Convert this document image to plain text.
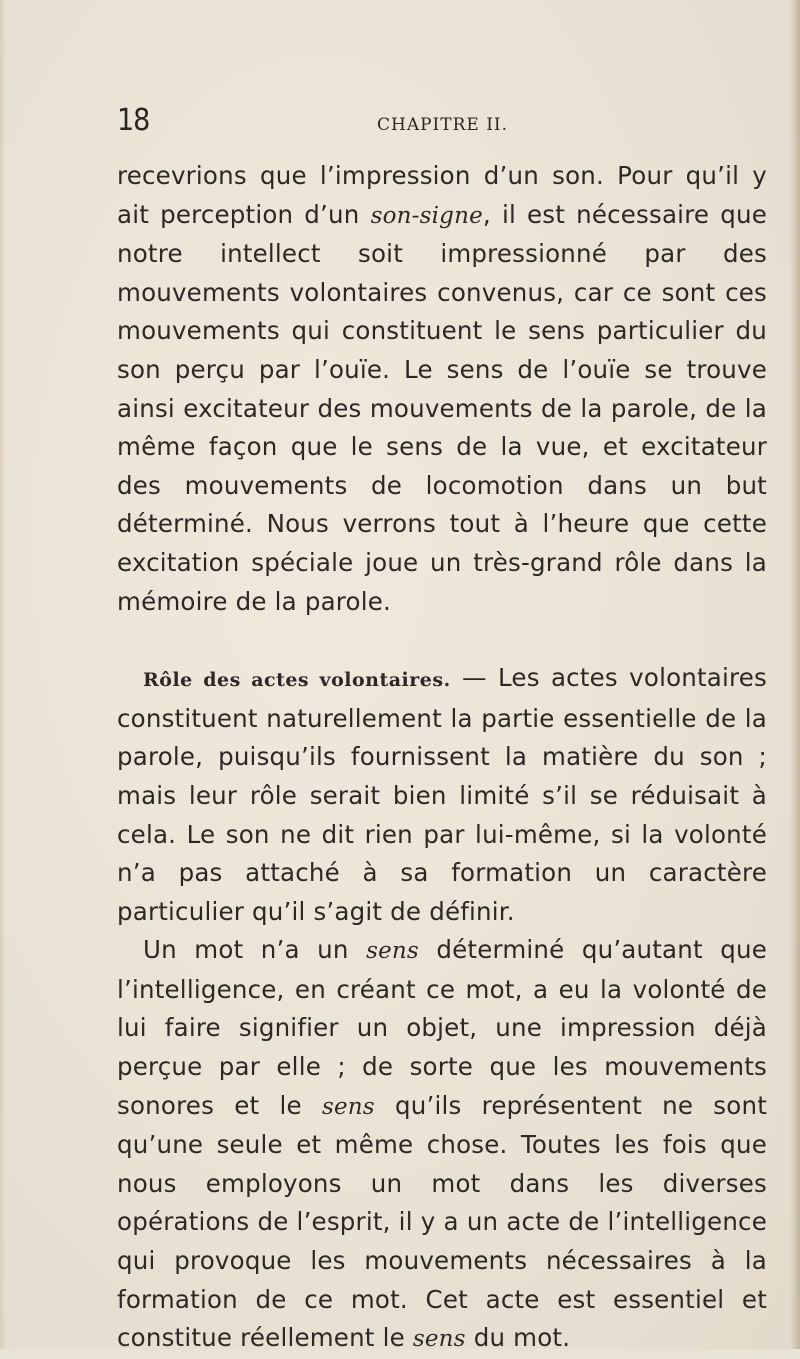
18	CHAPITRE II.

recevrions que l’impression d’un son. Pour qu’il y ait perception d’un son-signe, il est nécessaire que notre intellect soit impressionné par des mouvements volontaires convenus, car ce sont ces mouvements qui constituent le sens particulier du son perçu par l’ouïe. Le sens de l’ouïe se trouve ainsi excitateur des mouvements de la parole, de la même façon que le sens de la vue, et excitateur des mouvements de locomotion dans un but déterminé. Nous verrons tout à l’heure que cette excitation spéciale joue un très-grand rôle dans la mémoire de la parole.

Rôle des actes volontaires. — Les actes volontaires constituent naturellement la partie essentielle de la parole, puisqu’ils fournissent la matière du son ; mais leur rôle serait bien limité s’il se réduisait à cela. Le son ne dit rien par lui-même, si la volonté n’a pas attaché à sa formation un caractère particulier qu’il s’agit de définir.

Un mot n’a un sens déterminé qu’autant que l’intelligence, en créant ce mot, a eu la volonté de lui faire signifier un objet, une impression déjà perçue par elle ; de sorte que les mouvements sonores et le sens qu’ils représentent ne sont qu’une seule et même chose. Toutes les fois que nous employons un mot dans les diverses opérations de l’esprit, il y a un acte de l’intelligence qui provoque les mouvements nécessaires à la formation de ce mot. Cet acte est essentiel et constitue réellement le sens du mot.
